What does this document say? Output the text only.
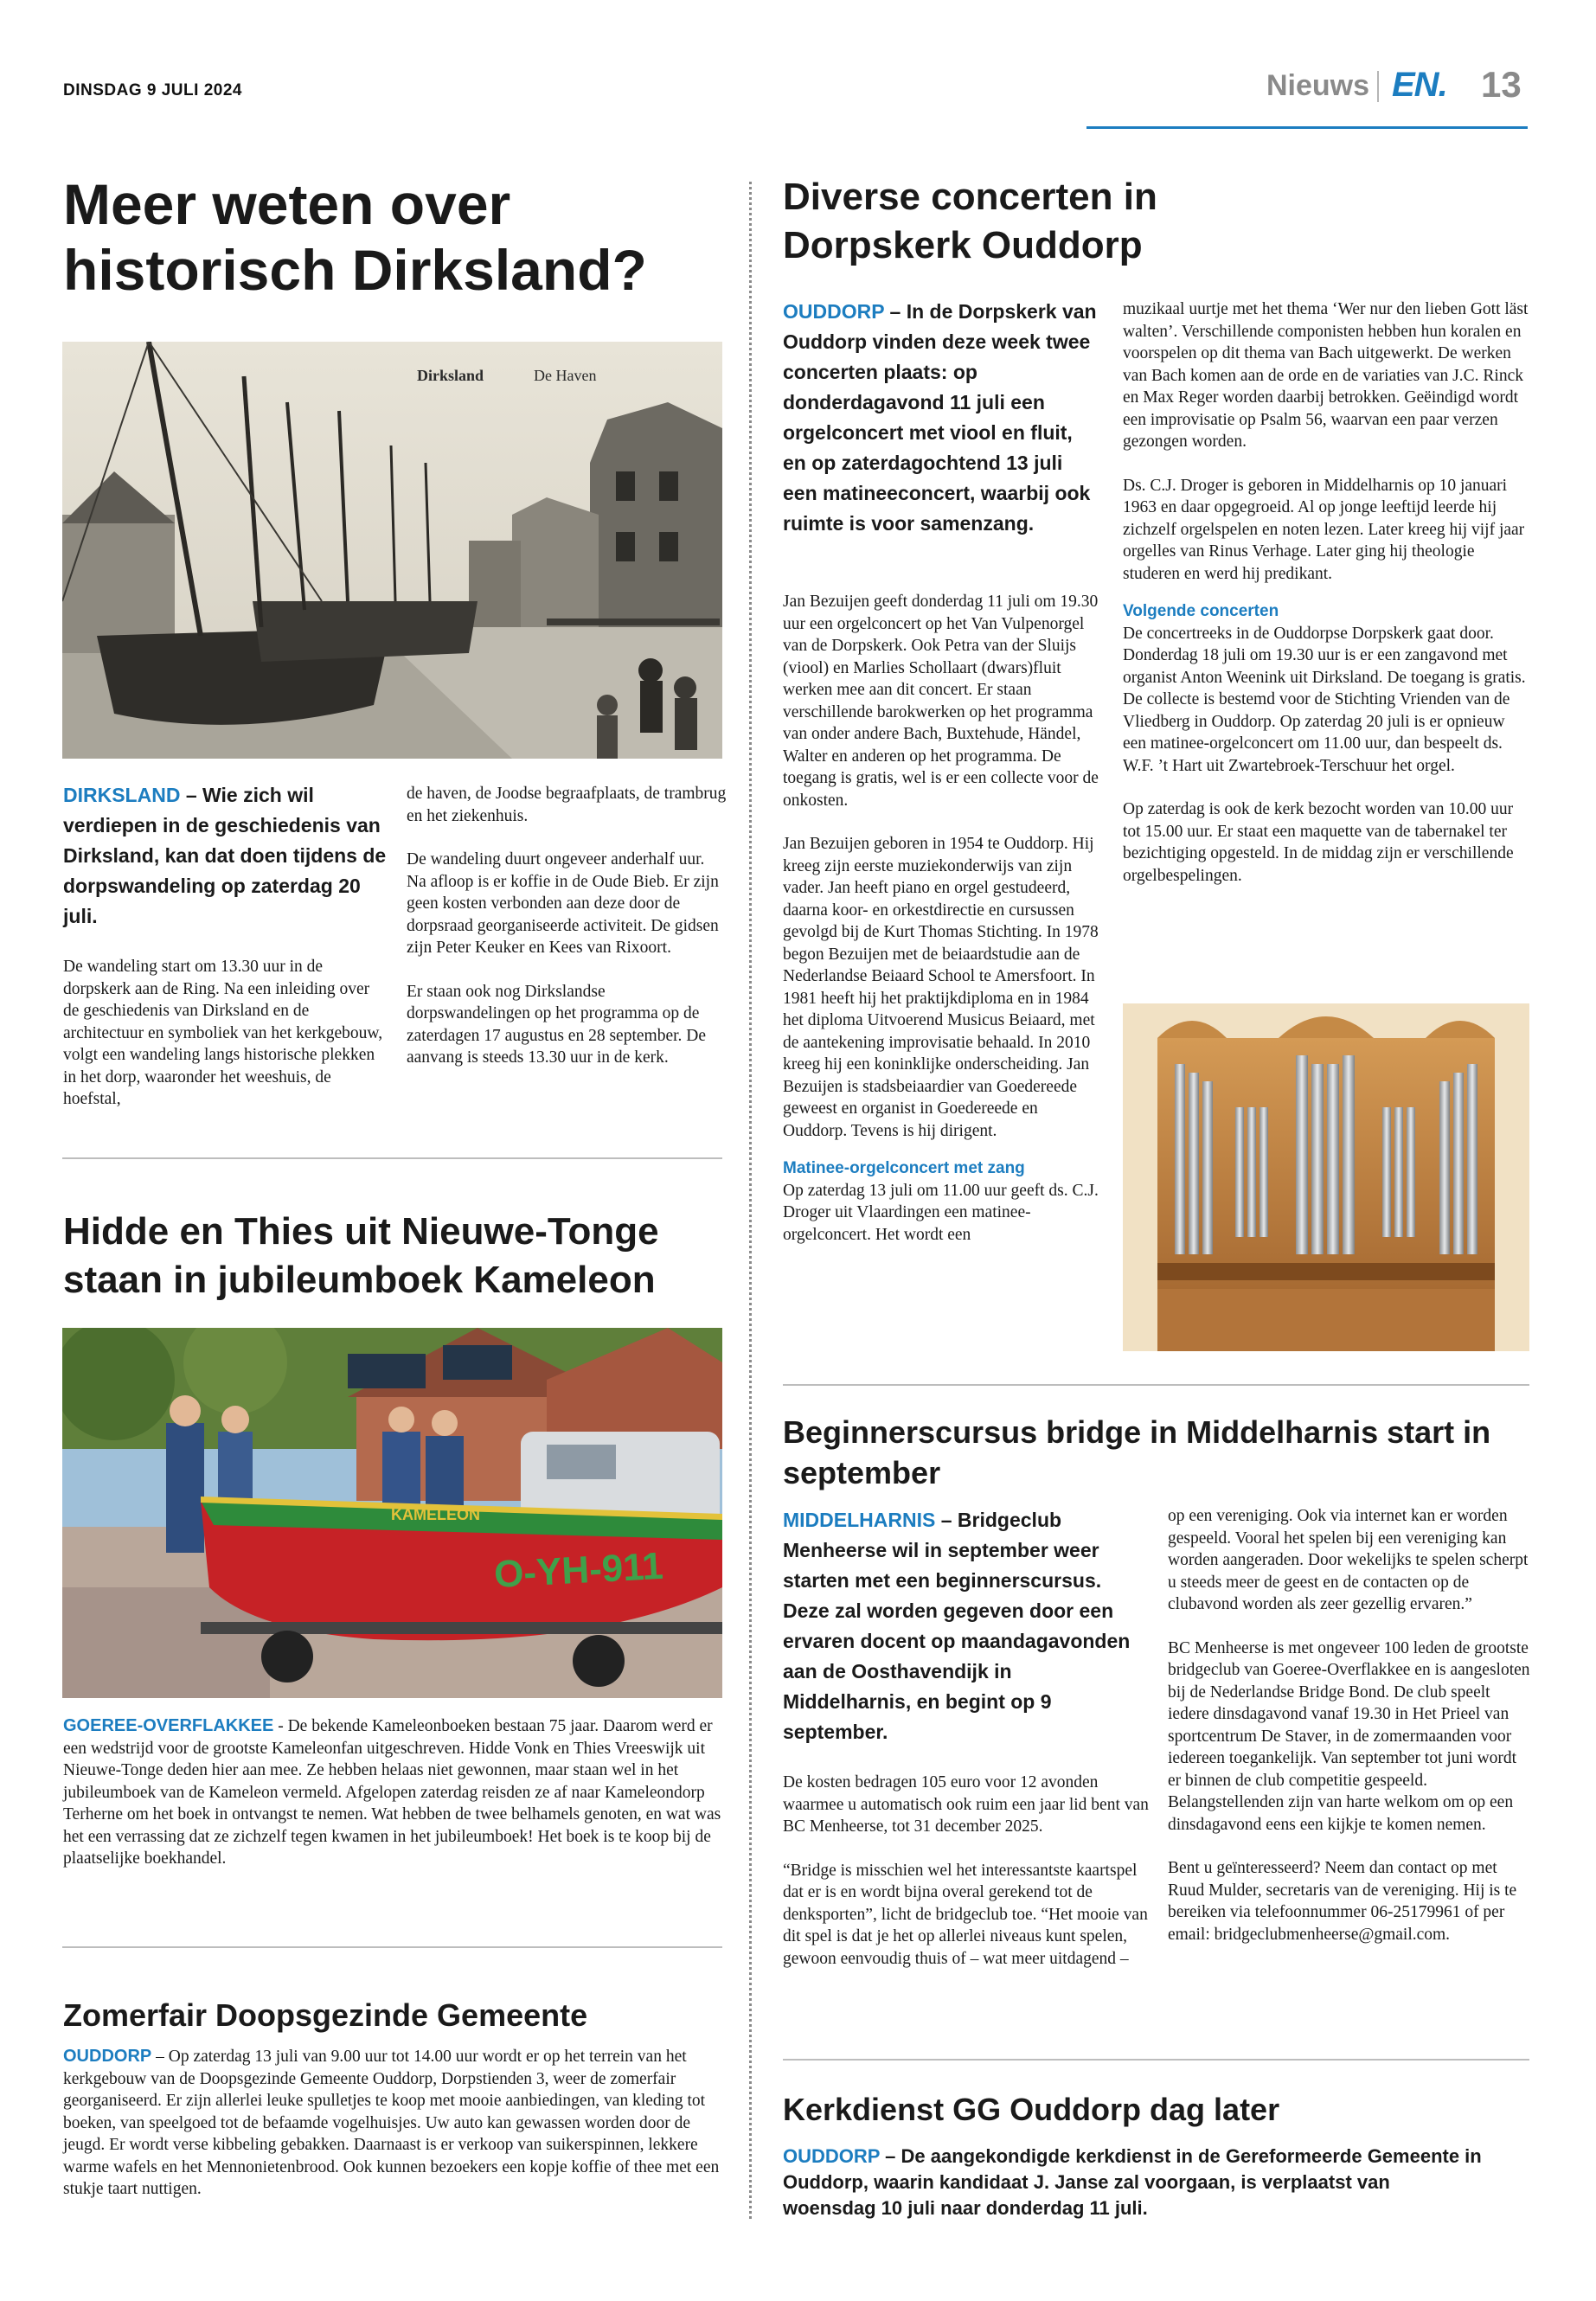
DINSDAG 9 JULI 2024	Nieuws EN. 13
Meer weten over historisch Dirksland?
Dirksland	De Haven
DIRKSLAND – Wie zich wil verdiepen in de geschiedenis van Dirksland, kan dat doen tijdens de dorpswandeling op zaterdag 20 juli.

De wandeling start om 13.30 uur in de dorpskerk aan de Ring. Na een inleiding over de geschiedenis van Dirksland en de architectuur en symboliek van het kerkgebouw, volgt een wandeling langs historische plekken in het dorp, waaronder het weeshuis, de hoefstal,

de haven, de Joodse begraafplaats, de trambrug en het ziekenhuis.

De wandeling duurt ongeveer anderhalf uur. Na afloop is er koffie in de Oude Bieb. Er zijn geen kosten verbonden aan deze door de dorpsraad georganiseerde activiteit. De gidsen zijn Peter Keuker en Kees van Rixoort.

Er staan ook nog Dirkslandse dorpswandelingen op het programma op de zaterdagen 17 augustus en 28 september. De aanvang is steeds 13.30 uur in de kerk.

Hidde en Thies uit Nieuwe-Tonge staan in jubileumboek Kameleon
KAMELEON
O-YH-911

GOEREE-OVERFLAKKEE - De bekende Kameleonboeken bestaan 75 jaar. Daarom werd er een wedstrijd voor de grootste Kameleonfan uitgeschreven. Hidde Vonk en Thies Vreeswijk uit Nieuwe-Tonge deden hier aan mee. Ze hebben helaas niet gewonnen, maar staan wel in het jubileumboek van de Kameleon vermeld. Afgelopen zaterdag reisden ze af naar Kameleondorp Terherne om het boek in ontvangst te nemen. Wat hebben de twee belhamels genoten, en wat was het een verrassing dat ze zichzelf tegen kwamen in het jubileumboek! Het boek is te koop bij de plaatselijke boekhandel.

Zomerfair Doopsgezinde Gemeente

OUDDORP – Op zaterdag 13 juli van 9.00 uur tot 14.00 uur wordt er op het terrein van het kerkgebouw van de Doopsgezinde Gemeente Ouddorp, Dorpstienden 3, weer de zomerfair georganiseerd. Er zijn allerlei leuke spulletjes te koop met mooie aanbiedingen, van kleding tot boeken, van speelgoed tot de befaamde vogelhuisjes. Uw auto kan gewassen worden door de jeugd. Er wordt verse kibbeling gebakken. Daarnaast is er verkoop van suikerspinnen, lekkere warme wafels en het Mennonietenbrood. Ook kunnen bezoekers een kopje koffie of thee met een stukje taart nuttigen.

Diverse concerten in Dorpskerk Ouddorp
OUDDORP – In de Dorpskerk van Ouddorp vinden deze week twee concerten plaats: op donderdagavond 11 juli een orgelconcert met viool en fluit, en op zaterdagochtend 13 juli een matineeconcert, waarbij ook ruimte is voor samenzang.

Jan Bezuijen geeft donderdag 11 juli om 19.30 uur een orgelconcert op het Van Vulpenorgel van de Dorpskerk. Ook Petra van der Sluijs (viool) en Marlies Schollaart (dwars)fluit werken mee aan dit concert. Er staan verschillende barokwerken op het programma van onder andere Bach, Buxtehude, Händel, Walter en anderen op het programma. De toegang is gratis, wel is er een collecte voor de onkosten.

Jan Bezuijen geboren in 1954 te Ouddorp. Hij kreeg zijn eerste muziekonderwijs van zijn vader. Jan heeft piano en orgel gestudeerd, daarna koor- en orkestdirectie en cursussen gevolgd bij de Kurt Thomas Stichting. In 1978 begon Bezuijen met de beiaardstudie aan de Nederlandse Beiaard School te Amersfoort. In 1981 heeft hij het praktijkdiploma en in 1984 het diploma Uitvoerend Musicus Beiaard, met de aantekening improvisatie behaald. In 2010 kreeg hij een koninklijke onderscheiding. Jan Bezuijen is stadsbeiaardier van Goedereede geweest en organist in Goedereede en Ouddorp. Tevens is hij dirigent.

Matinee-orgelconcert met zang

Op zaterdag 13 juli om 11.00 uur geeft ds. C.J. Droger uit Vlaardingen een matinee-orgelconcert. Het wordt een

muzikaal uurtje met het thema ‘Wer nur den lieben Gott läst walten’. Verschillende componisten hebben hun koralen en voorspelen op dit thema van Bach uitgewerkt. De werken van Bach komen aan de orde en de variaties van J.C. Rinck en Max Reger worden daarbij betrokken. Geëindigd wordt een improvisatie op Psalm 56, waarvan een paar verzen gezongen worden.

Ds. C.J. Droger is geboren in Middelharnis op 10 januari 1963 en daar opgegroeid. Al op jonge leeftijd leerde hij zichzelf orgelspelen en noten lezen. Later kreeg hij vijf jaar orgelles van Rinus Verhage. Later ging hij theologie studeren en werd hij predikant.

Volgende concerten

De concertreeks in de Ouddorpse Dorpskerk gaat door. Donderdag 18 juli om 19.30 uur is er een zangavond met organist Anton Weenink uit Dirksland. De toegang is gratis. De collecte is bestemd voor de Stichting Vrienden van de Vliedberg in Ouddorp. Op zaterdag 20 juli is er opnieuw een matinee-orgelconcert om 11.00 uur, dan bespeelt ds. W.F. ’t Hart uit Zwartebroek-Terschuur het orgel.

Op zaterdag is ook de kerk bezocht worden van 10.00 uur tot 15.00 uur. Er staat een maquette van de tabernakel ter bezichtiging opgesteld. In de middag zijn er verschillende orgelbespelingen.

Beginnerscursus bridge in Middelharnis start in september
MIDDELHARNIS – Bridgeclub Menheerse wil in september weer starten met een beginnerscursus. Deze zal worden gegeven door een ervaren docent op maandagavonden aan de Oosthavendijk in Middelharnis, en begint op 9 september.

De kosten bedragen 105 euro voor 12 avonden waarmee u automatisch ook ruim een jaar lid bent van BC Menheerse, tot 31 december 2025.

“Bridge is misschien wel het interessantste kaartspel dat er is en wordt bijna overal gerekend tot de denksporten”, licht de bridgeclub toe. “Het mooie van dit spel is dat je het op allerlei niveaus kunt spelen, gewoon eenvoudig thuis of – wat meer uitdagend –

op een vereniging. Ook via internet kan er worden gespeeld. Vooral het spelen bij een vereniging kan worden aangeraden. Door wekelijks te spelen scherpt u steeds meer de geest en de contacten op de clubavond worden als zeer gezellig ervaren.”

BC Menheerse is met ongeveer 100 leden de grootste bridgeclub van Goeree-Overflakkee en is aangesloten bij de Nederlandse Bridge Bond. De club speelt iedere dinsdagavond vanaf 19.30 in Het Prieel van sportcentrum De Staver, in de zomermaanden voor iedereen toegankelijk. Van september tot juni wordt er binnen de club competitie gespeeld. Belangstellenden zijn van harte welkom om op een dinsdagavond eens een kijkje te komen nemen.

Bent u geïnteresseerd? Neem dan contact op met Ruud Mulder, secretaris van de vereniging. Hij is te bereiken via telefoonnummer 06-25179961 of per email: bridgeclubmenheerse@gmail.com.

Kerkdienst GG Ouddorp dag later
OUDDORP – De aangekondigde kerkdienst in de Gereformeerde Gemeente in Ouddorp, waarin kandidaat J. Janse zal voorgaan, is verplaatst van woensdag 10 juli naar donderdag 11 juli.
